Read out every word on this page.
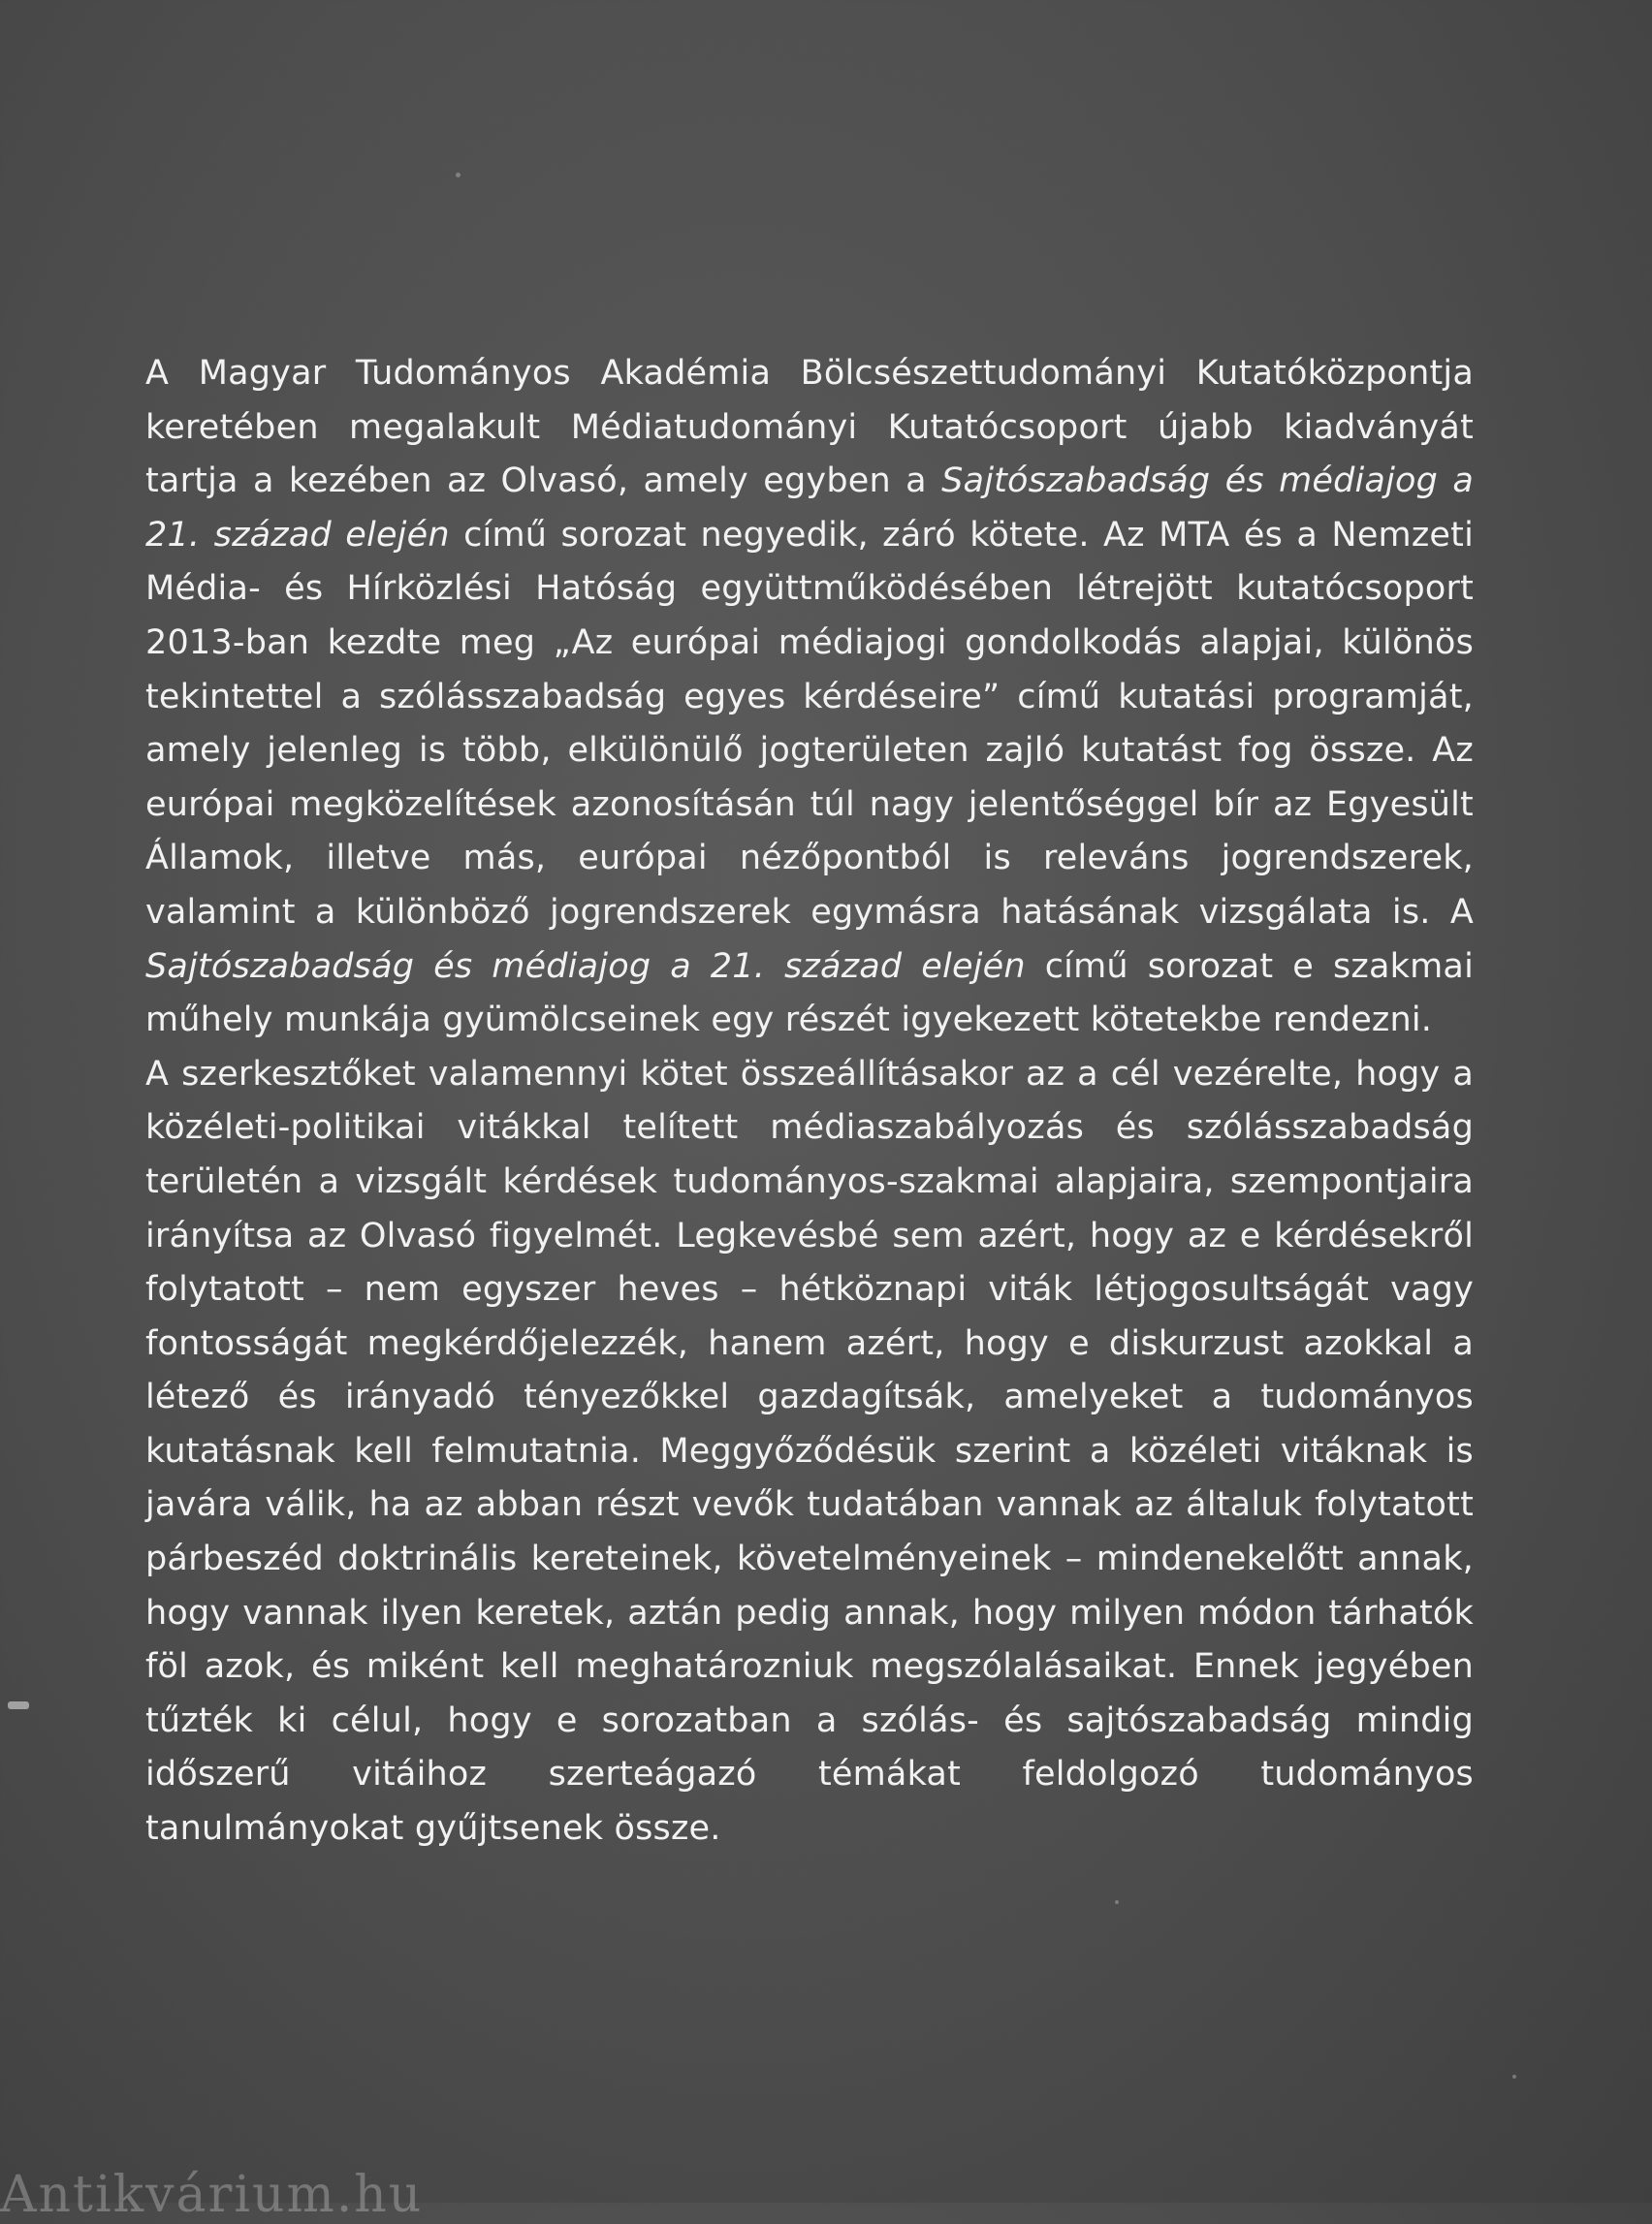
A Magyar Tudományos Akadémia Bölcsészettudományi Kutatóközpontja keretében megalakult Médiatudományi Kutatócsoport újabb kiadványát tartja a kezében az Olvasó, amely egyben a Sajtószabadság és médiajog a 21. század elején című sorozat negyedik, záró kötete. Az MTA és a Nemzeti Média- és Hírközlési Hatóság együttműködésében létrejött kutatócsoport 2013-ban kezdte meg „Az európai médiajogi gondolkodás alapjai, különös tekintettel a szólásszabadság egyes kérdéseire” című kutatási programját, amely jelenleg is több, elkülönülő jogterületen zajló kutatást fog össze. Az európai megközelítések azonosításán túl nagy jelentőséggel bír az Egyesült Államok, illetve más, európai nézőpontból is releváns jogrendszerek, valamint a különböző jogrendszerek egymásra hatásának vizsgálata is. A Sajtószabadság és médiajog a 21. század elején című sorozat e szakmai műhely munkája gyümölcseinek egy részét igyekezett kötetekbe rendezni.

A szerkesztőket valamennyi kötet összeállításakor az a cél vezérelte, hogy a közéleti-politikai vitákkal telített médiaszabályozás és szólásszabadság területén a vizsgált kérdések tudományos-szakmai alapjaira, szempontjaira irányítsa az Olvasó figyelmét. Legkevésbé sem azért, hogy az e kérdésekről folytatott – nem egyszer heves – hétköznapi viták létjogosultságát vagy fontosságát megkérdőjelezzék, hanem azért, hogy e diskurzust azokkal a létező és irányadó tényezőkkel gazdagítsák, amelyeket a tudományos kutatásnak kell felmutatnia. Meggyőződésük szerint a közéleti vitáknak is javára válik, ha az abban részt vevők tudatában vannak az általuk folytatott párbeszéd doktrinális kereteinek, követelményeinek – mindenekelőtt annak, hogy vannak ilyen keretek, aztán pedig annak, hogy milyen módon tárhatók föl azok, és miként kell meghatározniuk megszólalásaikat. Ennek jegyében tűzték ki célul, hogy e sorozatban a szólás- és sajtószabadság mindig időszerű vitáihoz szerteágazó témákat feldolgozó tudományos tanulmányokat gyűjtsenek össze.

Antikvárium.hu
